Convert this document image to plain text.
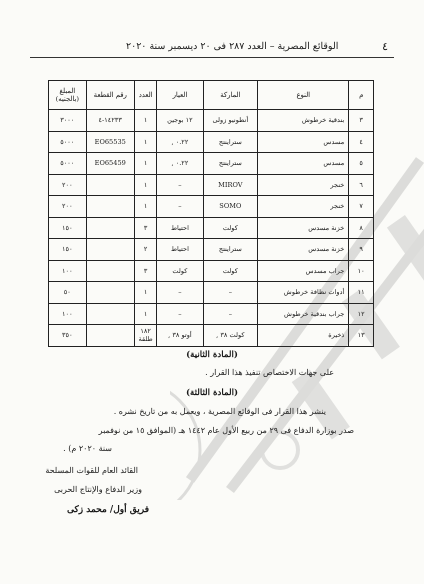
٤
الوقائع المصرية – العدد ٢٨٧ فى ٢٠ ديسمبر سنة ٢٠٢٠
م	النوع	الماركة	العيار	العدد	رقم القطعة	المبلغ (بالجنيه)
٣	بندقية خرطوش	أنطونيو زولى	١٢ بوجين	١	١٤٢٣٣-٤	٣٠٠٠
٤	مسدس	ستراينتج	٠.٢٢ ,	١	EO65535	٥٠٠٠
٥	مسدس	ستراينتج	٠.٢٢ ,	١	EO65459	٥٠٠٠
٦	خنجر	MIROV	–	١		٢٠٠
٧	خنجر	SOMO	–	١		٢٠٠
٨	خزنة مسدس	كولت	احتياط	٣		١٥٠
٩	خزنة مسدس	ستراينتج	احتياط	٢		١٥٠
١٠	جراب مسدس	كولت	كولت	٣		١٠٠
١١	أدوات نظافة خرطوش	–	–	١		٥٠
١٢	جراب بندقية خرطوش	–	–	١		١٠٠
١٣	ذخيرة	كولت ٣٨ ,	أوتو ٣٨ ,	١٨٢ طلقة		٣٥٠
(المادة الثانية)
على جهات الاختصاص تنفيذ هذا القرار .
(المادة الثالثة)
ينشر هذا القرار فى الوقائع المصرية ، ويعمل به من تاريخ نشره .
صدر بوزارة الدفاع فى ٢٩ من ربيع الأول عام ١٤٤٢ هـ (الموافق ١٥ من نوفمبر
سنة ٢٠٢٠ م) .
القائد العام للقوات المسلحة
وزير الدفاع والإنتاج الحربى
فريق أول/ محمد زكى
